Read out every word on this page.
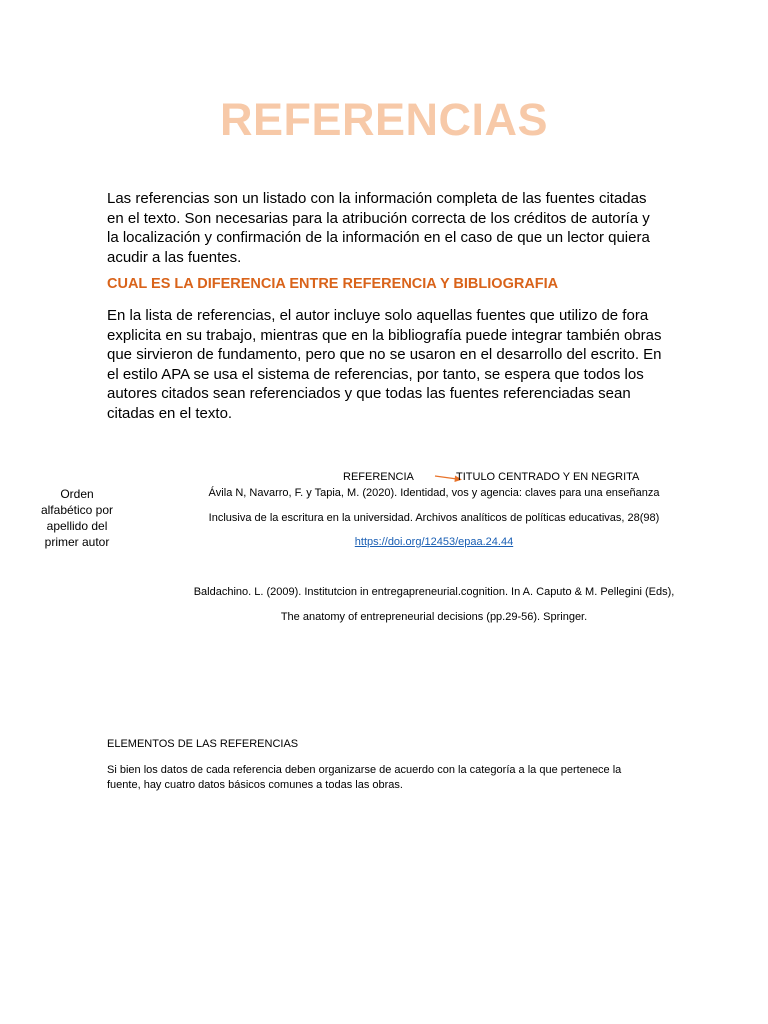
REFERENCIAS

Las referencias son un listado con la información completa de las fuentes citadas en el texto. Son necesarias para la atribución correcta de los créditos de autoría y la localización y confirmación de la información en el caso de que un lector quiera acudir a las fuentes.

CUAL ES LA DIFERENCIA ENTRE REFERENCIA Y BIBLIOGRAFIA

En la lista de referencias, el autor incluye solo aquellas fuentes que utilizo de fora explicita en su trabajo, mientras que en la bibliografía puede integrar también obras que sirvieron de fundamento, pero que no se usaron en el desarrollo del escrito. En el estilo APA se usa el sistema de referencias, por tanto, se espera que todos los autores citados sean referenciados y que todas las fuentes referenciadas sean citadas en el texto.

Orden alfabético por apellido del primer autor
REFERENCIA	TITULO CENTRADO Y EN NEGRITA

Ávila N, Navarro, F. y Tapia, M. (2020). Identidad, vos y agencia: claves para una enseñanza

Inclusiva de la escritura en la universidad. Archivos analíticos de políticas educativas, 28(98)

https://doi.org/12453/epaa.24.44

Baldachino. L. (2009). Institutcion in entregapreneurial.cognition. In A. Caputo & M. Pellegini (Eds),

The anatomy of entrepreneurial decisions (pp.29-56). Springer.

ELEMENTOS DE LAS REFERENCIAS

Si bien los datos de cada referencia deben organizarse de acuerdo con la categoría a la que pertenece la fuente, hay cuatro datos básicos comunes a todas las obras.
